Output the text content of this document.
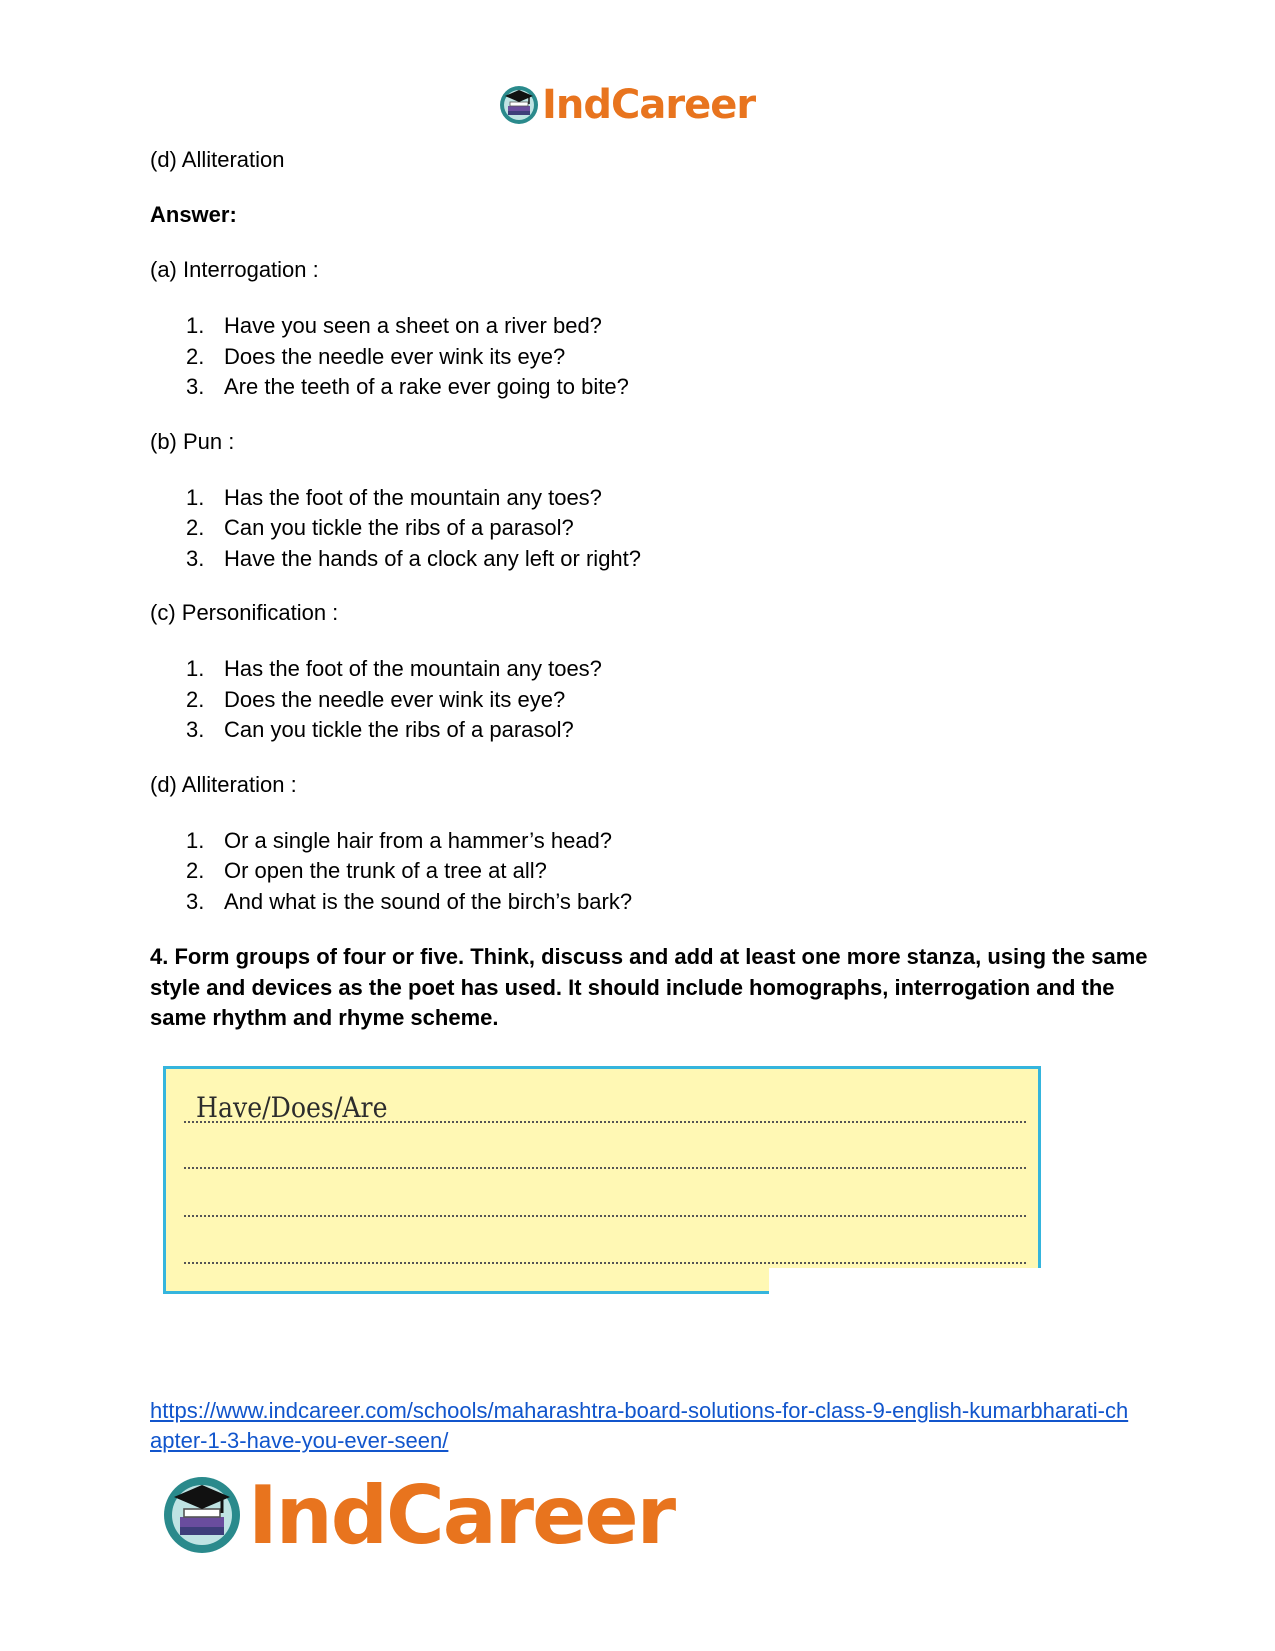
IndCareer

(d) Alliteration

Answer:

(a) Interrogation :

1. Have you seen a sheet on a river bed?
2. Does the needle ever wink its eye?
3. Are the teeth of a rake ever going to bite?

(b) Pun :

1. Has the foot of the mountain any toes?
2. Can you tickle the ribs of a parasol?
3. Have the hands of a clock any left or right?

(c) Personification :

1. Has the foot of the mountain any toes?
2. Does the needle ever wink its eye?
3. Can you tickle the ribs of a parasol?

(d) Alliteration :

1. Or a single hair from a hammer’s head?
2. Or open the trunk of a tree at all?
3. And what is the sound of the birch’s bark?

4. Form groups of four or five. Think, discuss and add at least one more stanza, using the same style and devices as the poet has used. It should include homographs, interrogation and the same rhythm and rhyme scheme.

Have/Does/Are
https://www.indcareer.com/schools/maharashtra-board-solutions-for-class-9-english-kumarbharati-chapter-1-3-have-you-ever-seen/
IndCareer
